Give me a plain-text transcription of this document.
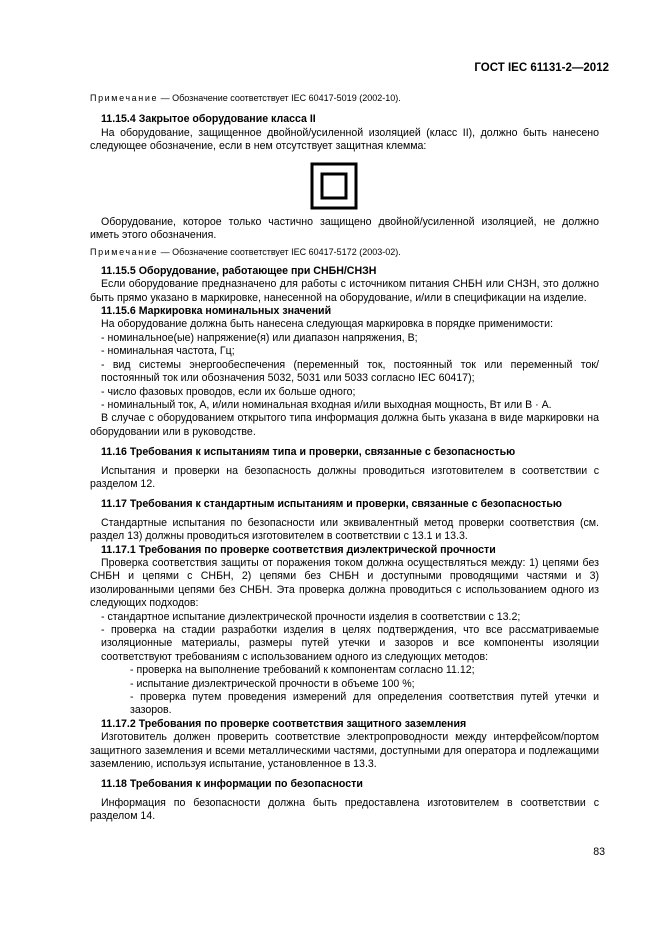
ГОСТ IEC 61131-2—2012

Примечание — Обозначение соответствует IEC 60417-5019 (2002-10).

11.15.4 Закрытое оборудование класса II

На оборудование, защищенное двойной/усиленной изоляцией (класс II), должно быть нанесено следующее обозначение, если в нем отсутствует защитная клемма:

Оборудование, которое только частично защищено двойной/усиленной изоляцией, не должно иметь этого обозначения.

Примечание — Обозначение соответствует IEC 60417-5172 (2003-02).

11.15.5 Оборудование, работающее при СНБН/СНЗН

Если оборудование предназначено для работы с источником питания СНБН или СНЗН, это должно быть прямо указано в маркировке, нанесенной на оборудование, и/или в спецификации на изделие.

11.15.6 Маркировка номинальных значений

На оборудование должна быть нанесена следующая маркировка в порядке применимости:

- номинальное(ые) напряжение(я) или диапазон напряжения, В;
- номинальная частота, Гц;
- вид системы энергообеспечения (переменный ток, постоянный ток или переменный ток/постоянный ток или обозначения 5032, 5031 или 5033 согласно IEC 60417);
- число фазовых проводов, если их больше одного;
- номинальный ток, А, и/или номинальная входная и/или выходная мощность, Вт или В · А.

В случае с оборудованием открытого типа информация должна быть указана в виде маркировки на оборудовании или в руководстве.

11.16 Требования к испытаниям типа и проверки, связанные с безопасностью

Испытания и проверки на безопасность должны проводиться изготовителем в соответствии с разделом 12.

11.17 Требования к стандартным испытаниям и проверки, связанные с безопасностью

Стандартные испытания по безопасности или эквивалентный метод проверки соответствия (см. раздел 13) должны проводиться изготовителем в соответствии с 13.1 и 13.3.

11.17.1 Требования по проверке соответствия диэлектрической прочности

Проверка соответствия защиты от поражения током должна осуществляться между: 1) цепями без СНБН и цепями с СНБН, 2) цепями без СНБН и доступными проводящими частями и 3) изолированными цепями без СНБН. Эта проверка должна проводиться с использованием одного из следующих подходов:

- стандартное испытание диэлектрической прочности изделия в соответствии с 13.2;
- проверка на стадии разработки изделия в целях подтверждения, что все рассматриваемые изоляционные материалы, размеры путей утечки и зазоров и все компоненты изоляции соответствуют требованиям с использованием одного из следующих методов:
- проверка на выполнение требований к компонентам согласно 11.12;
- испытание диэлектрической прочности в объеме 100 %;
- проверка путем проведения измерений для определения соответствия путей утечки и зазоров.

11.17.2 Требования по проверке соответствия защитного заземления

Изготовитель должен проверить соответствие электропроводности между интерфейсом/портом защитного заземления и всеми металлическими частями, доступными для оператора и подлежащими заземлению, используя испытание, установленное в 13.3.

11.18 Требования к информации по безопасности

Информация по безопасности должна быть предоставлена изготовителем в соответствии с разделом 14.

83
